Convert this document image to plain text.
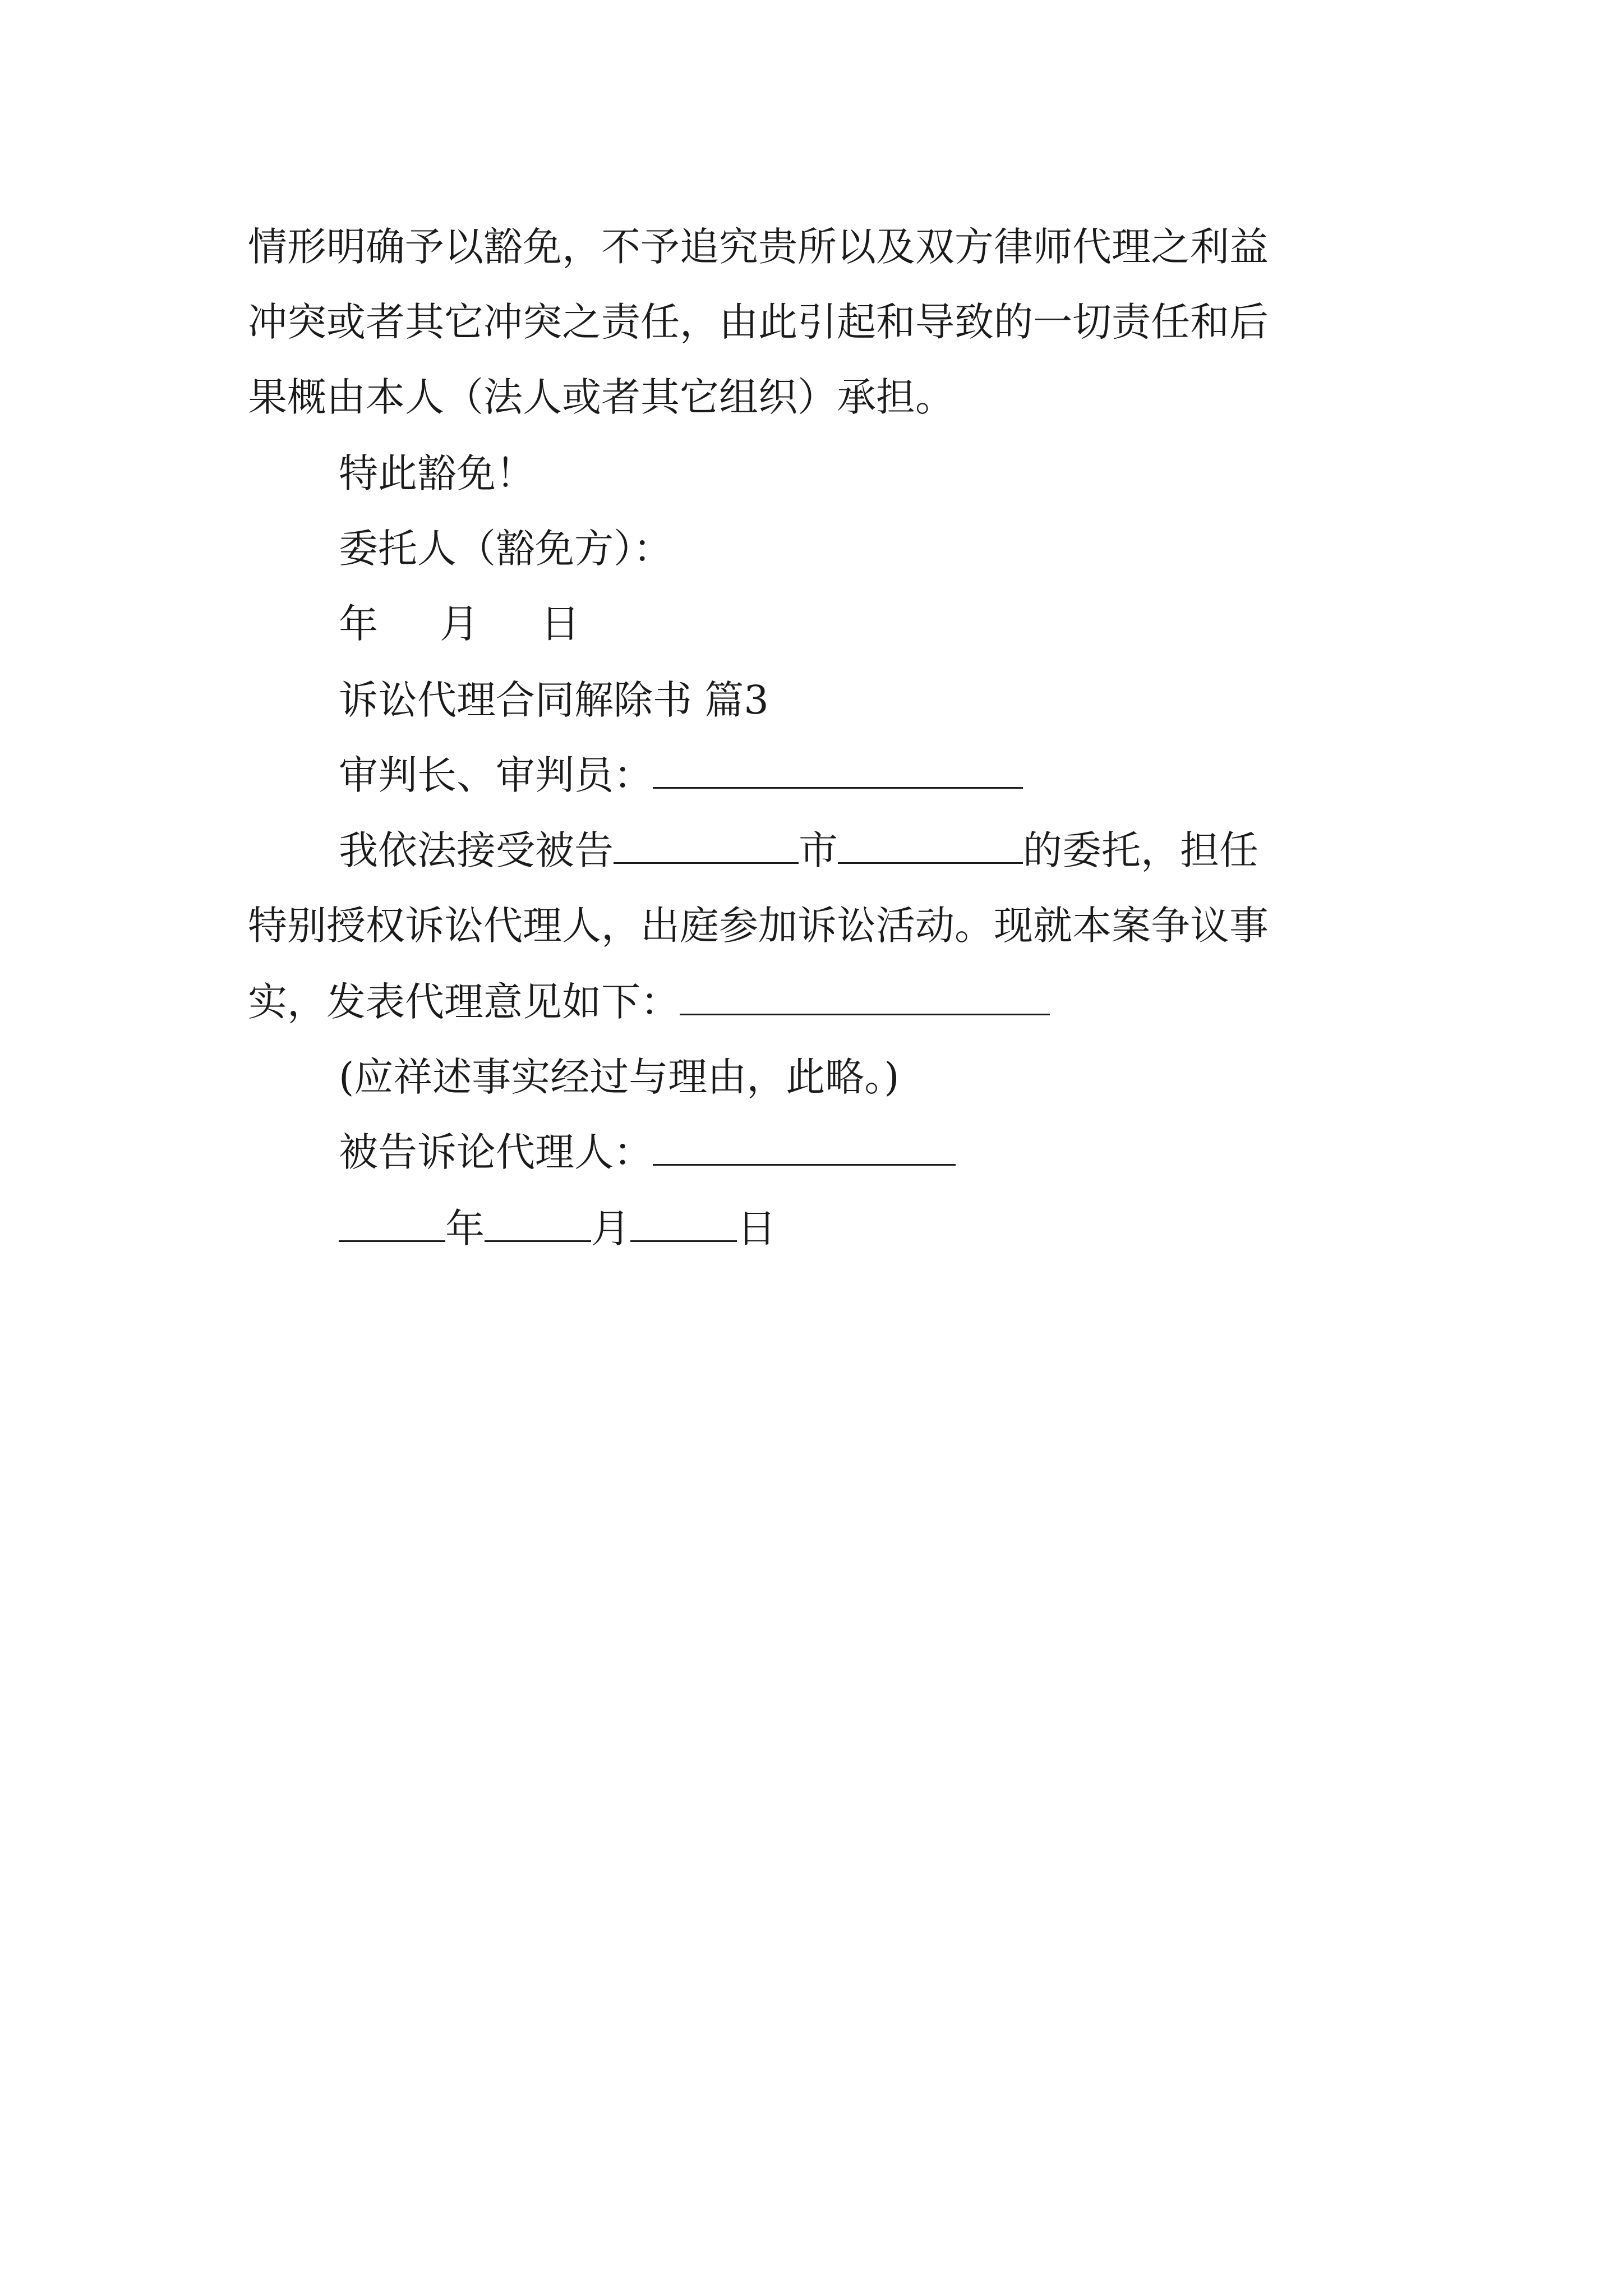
情形明确予以豁免，不予追究贵所以及双方律师代理之利益
冲突或者其它冲突之责任，由此引起和导致的一切责任和后
果概由本人（法人或者其它组织）承担。
特此豁免！
委托人（豁免方）：
年 月 日
诉讼代理合同解除书 篇3
审判长、审判员：
我依法接受被告	市	的委托，担任
特别授权诉讼代理人，出庭参加诉讼活动。现就本案争议事
实，发表代理意见如下：
(应祥述事实经过与理由，此略。)
被告诉论代理人：
年	月	日
